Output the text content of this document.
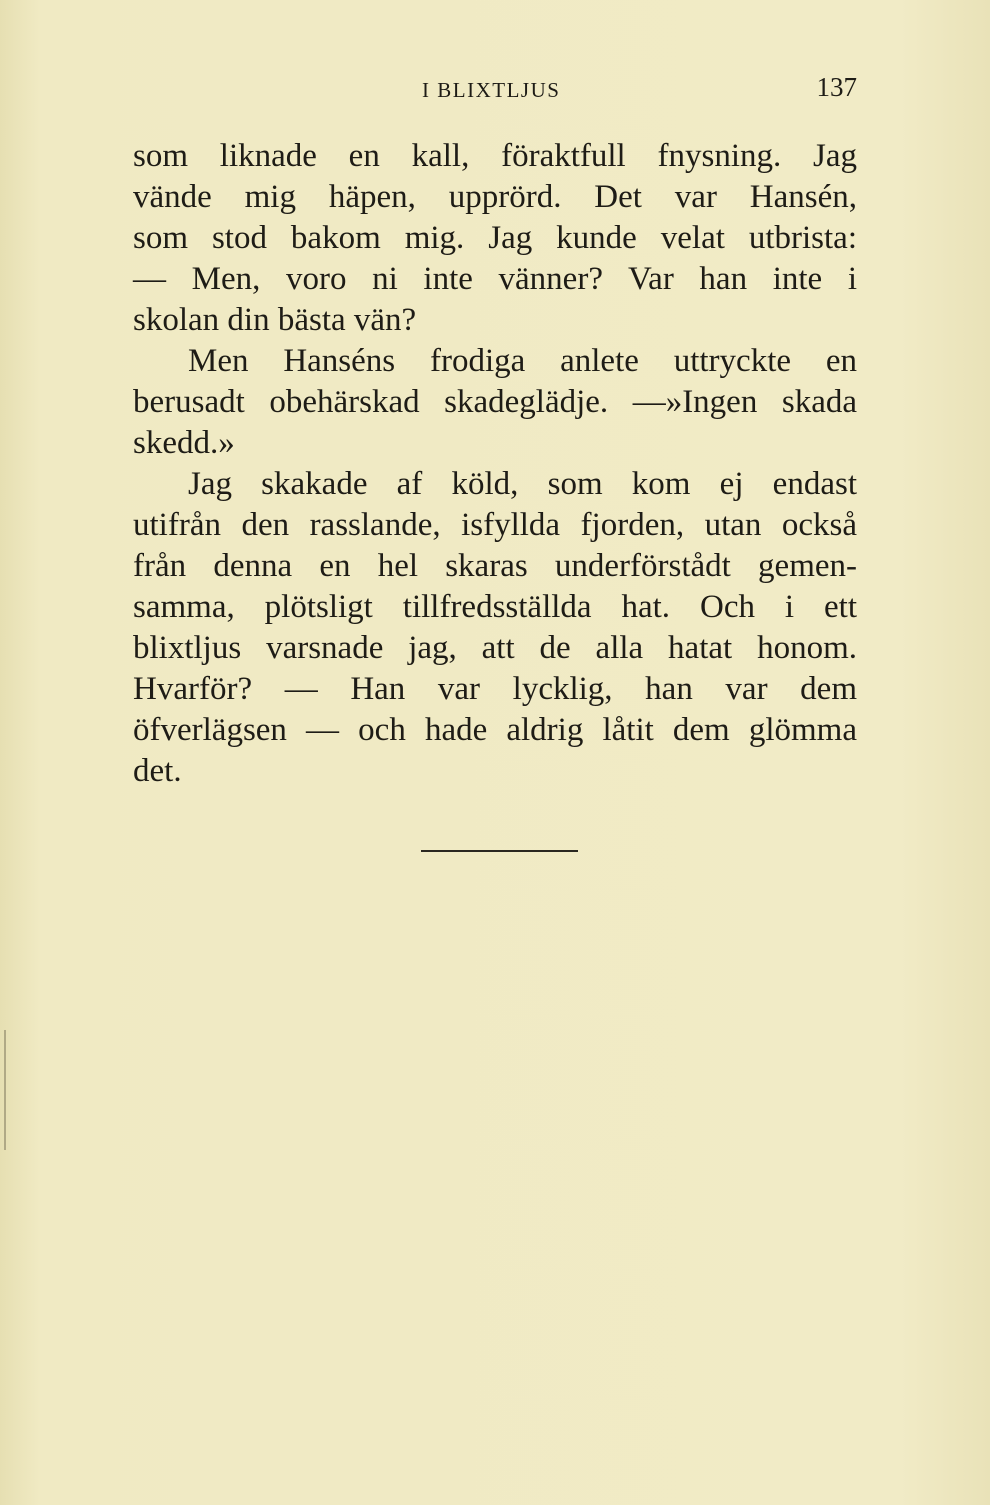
I BLIXTLJUS	137
som liknade en kall, föraktfull fnysning. Jag
vände mig häpen, upprörd. Det var Hansén,
som stod bakom mig. Jag kunde velat utbrista:
— Men, voro ni inte vänner? Var han inte i
skolan din bästa vän?
Men Hanséns frodiga anlete uttryckte en
berusadt obehärskad skadeglädje. —»Ingen skada
skedd.»
Jag skakade af köld, som kom ej endast
utifrån den rasslande, isfyllda fjorden, utan också
från denna en hel skaras underförstådt gemen-
samma, plötsligt tillfredsställda hat. Och i ett
blixtljus varsnade jag, att de alla hatat honom.
Hvarför? — Han var lycklig, han var dem
öfverlägsen — och hade aldrig låtit dem glömma
det.
